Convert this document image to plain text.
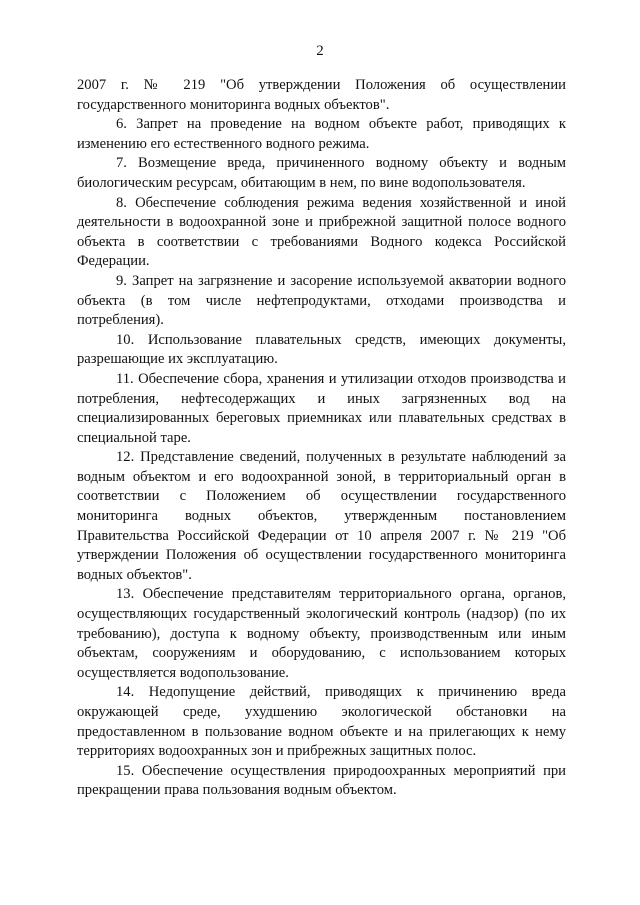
2

2007 г. № 219 "Об утверждении Положения об осуществлении государственного мониторинга водных объектов".

6. Запрет на проведение на водном объекте работ, приводящих к изменению его естественного водного режима.

7. Возмещение вреда, причиненного водному объекту и водным биологическим ресурсам, обитающим в нем, по вине водопользователя.

8. Обеспечение соблюдения режима ведения хозяйственной и иной деятельности в водоохранной зоне и прибрежной защитной полосе водного объекта в соответствии с требованиями Водного кодекса Российской Федерации.

9. Запрет на загрязнение и засорение используемой акватории водного объекта (в том числе нефтепродуктами, отходами производства и потребления).

10. Использование плавательных средств, имеющих документы, разрешающие их эксплуатацию.

11. Обеспечение сбора, хранения и утилизации отходов производства и потребления, нефтесодержащих и иных загрязненных вод на специализированных береговых приемниках или плавательных средствах в специальной таре.

12. Представление сведений, полученных в результате наблюдений за водным объектом и его водоохранной зоной, в территориальный орган в соответствии с Положением об осуществлении государственного мониторинга водных объектов, утвержденным постановлением Правительства Российской Федерации от 10 апреля 2007 г. № 219 "Об утверждении Положения об осуществлении государственного мониторинга водных объектов".

13. Обеспечение представителям территориального органа, органов, осуществляющих государственный экологический контроль (надзор) (по их требованию), доступа к водному объекту, производственным или иным объектам, сооружениям и оборудованию, с использованием которых осуществляется водопользование.

14. Недопущение действий, приводящих к причинению вреда окружающей среде, ухудшению экологической обстановки на предоставленном в пользование водном объекте и на прилегающих к нему территориях водоохранных зон и прибрежных защитных полос.

15. Обеспечение осуществления природоохранных мероприятий при прекращении права пользования водным объектом.
